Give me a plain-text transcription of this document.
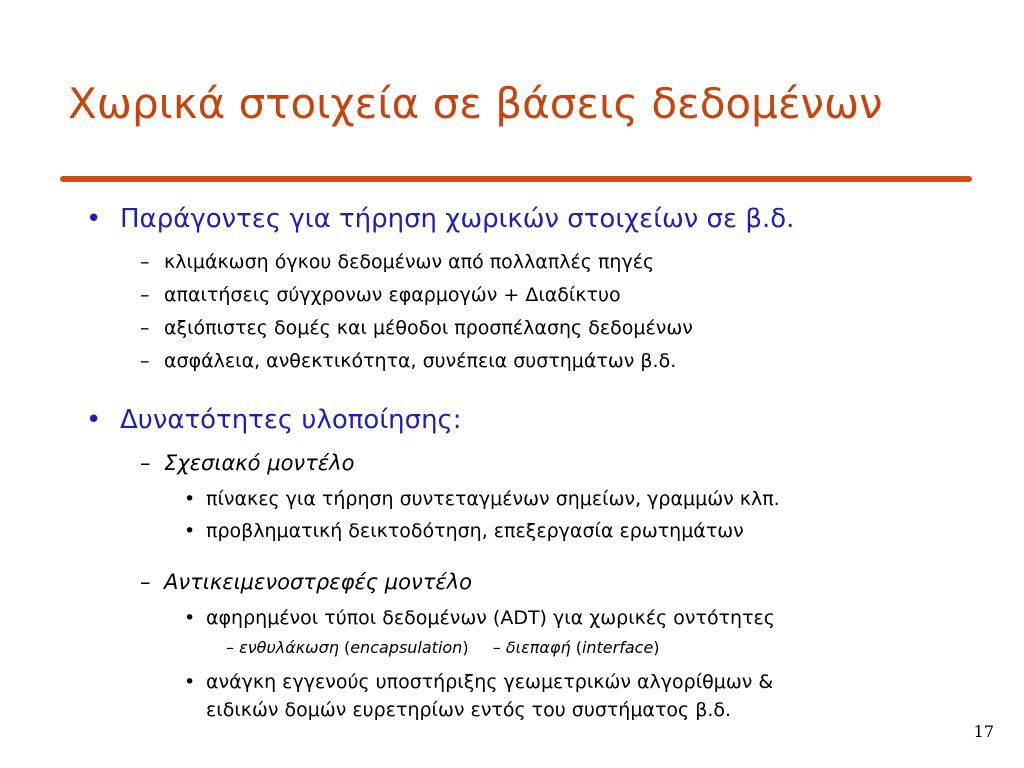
Χωρικά στοιχεία σε βάσεις δεδομένων
• Παράγοντες για τήρηση χωρικών στοιχείων σε β.δ.
– κλιμάκωση όγκου δεδομένων από πολλαπλές πηγές
– απαιτήσεις σύγχρονων εφαρμογών + Διαδίκτυο
– αξιόπιστες δομές και μέθοδοι προσπέλασης δεδομένων
– ασφάλεια, ανθεκτικότητα, συνέπεια συστημάτων β.δ.
• Δυνατότητες υλοποίησης:
– Σχεσιακό μοντέλο
• πίνακες για τήρηση συντεταγμένων σημείων, γραμμών κλπ.
• προβληματική δεικτοδότηση, επεξεργασία ερωτημάτων
– Αντικειμενοστρεφές μοντέλο
• αφηρημένοι τύποι δεδομένων (ADT) για χωρικές οντότητες
– ενθυλάκωση (encapsulation) – διεπαφή (interface)
• ανάγκη εγγενούς υποστήριξης γεωμετρικών αλγορίθμων &
ειδικών δομών ευρετηρίων εντός του συστήματος β.δ.
17
